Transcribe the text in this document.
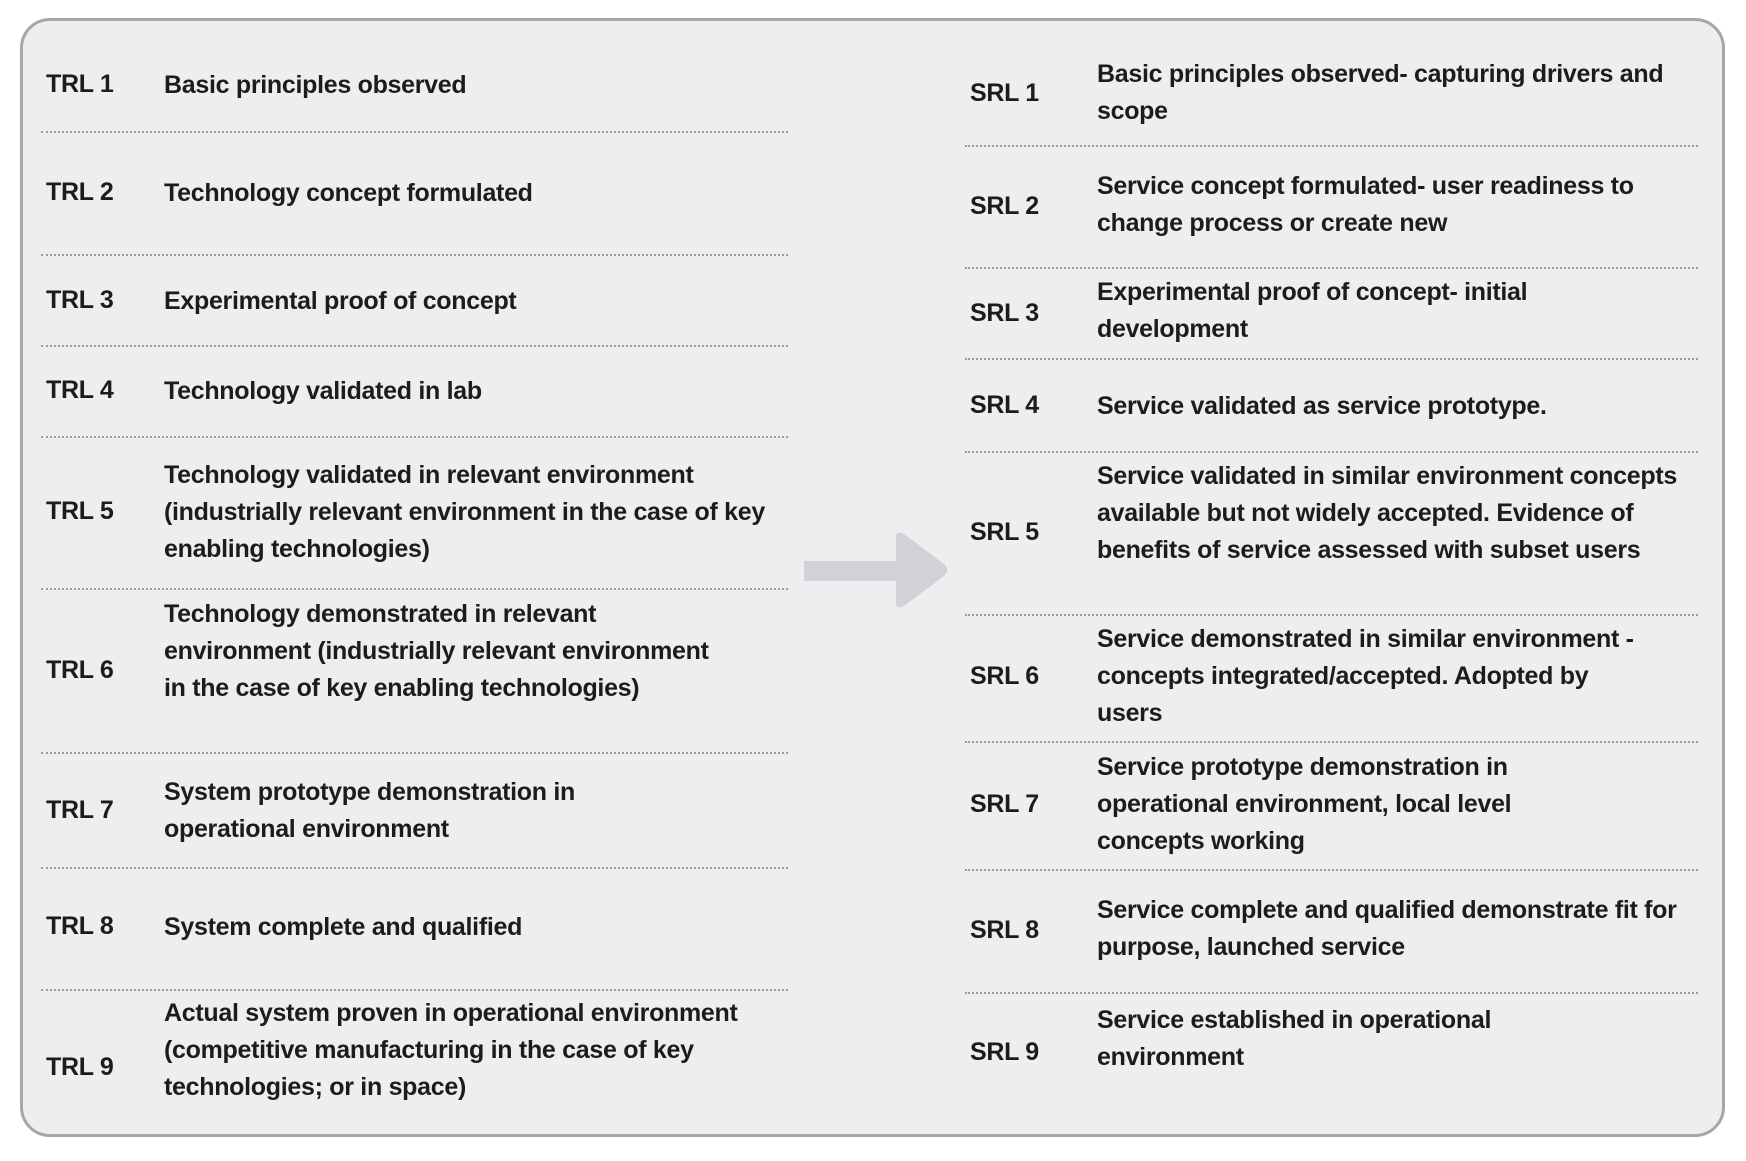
TRL 1 Basic principles observed
TRL 2 Technology concept formulated
TRL 3 Experimental proof of concept
TRL 4 Technology validated in lab
TRL 5
Technology validated in relevant environment (industrially relevant environment in the case of key enabling technologies)
TRL 6
Technology demonstrated in relevant environment (industrially relevant environment in the case of key enabling technologies)
TRL 7
System prototype demonstration in operational environment
TRL 8 System complete and qualified
TRL 9
Actual system proven in operational environment (competitive manufacturing in the case of key technologies; or in space)
SRL 1
Basic principles observed- capturing drivers and scope
SRL 2
Service concept formulated- user readiness to change process or create new
SRL 3
Experimental proof of concept- initial development
SRL 4 Service validated as service prototype.
SRL 5
Service validated in similar environment concepts available but not widely accepted. Evidence of benefits of service assessed with subset users
SRL 6
Service demonstrated in similar environment - concepts integrated/accepted. Adopted by users
SRL 7
Service prototype demonstration in operational environment, local level concepts working
SRL 8
Service complete and qualified demonstrate fit for purpose, launched service
SRL 9
Service established in operational environment
